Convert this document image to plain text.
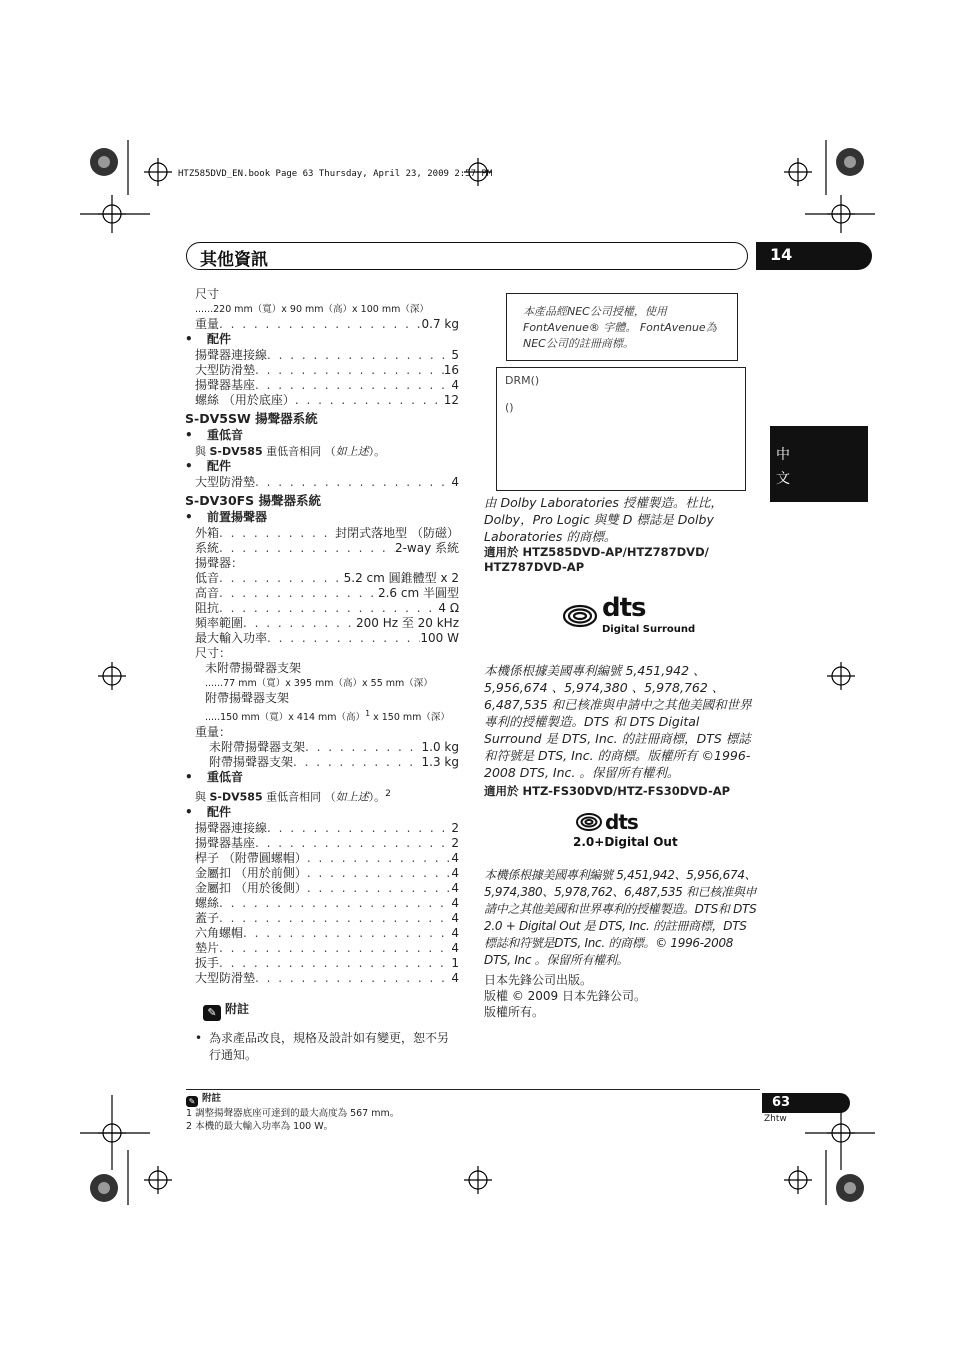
HTZ585DVD_EN.book Page 63 Thursday, April 23, 2009 2:57 PM
其他資訊	14
中
文
尺寸
......220 mm（寬）x 90 mm（高）x 100 mm（深）
重量 . . .	0.7 kg
• 配件
揚聲器連接線 . . .	5
大型防滑墊 . . .	16
揚聲器基座 . . .	4
螺絲 （用於底座） . . .	12
S-DV5SW 揚聲器系統
• 重低音
與 S-DV585 重低音相同 （如上述）。
• 配件
大型防滑墊 . . .	4
S-DV30FS 揚聲器系統
• 前置揚聲器
外箱 . . .	封閉式落地型 （防磁）
系統 . . .	2-way 系統
揚聲器：
低音 . . .	5.2 cm 圓錐體型 x 2
高音 . . .	2.6 cm 半圓型
阻抗 . . .	4 Ω
頻率範圍 . . .	200 Hz 至 20 kHz
最大輸入功率 . . .	100 W
尺寸：
未附帶揚聲器支架
......77 mm（寬）x 395 mm（高）x 55 mm（深）
附帶揚聲器支架
.....150 mm（寬）x 414 mm（高）$^1$ x 150 mm（深）
重量：
未附帶揚聲器支架 . . .	1.0 kg
附帶揚聲器支架 . . .	1.3 kg
• 重低音
與 S-DV585 重低音相同 （如上述）。$^2$
• 配件
揚聲器連接線 . . .	2
揚聲器基座 . . .	2
桿子 （附帶圓螺帽） . . .	4
金屬扣 （用於前側） . . .	4
金屬扣 （用於後側） . . .	4
螺絲 . . .	4
蓋子 . . .	4
六角螺帽 . . .	4
墊片 . . .	4
扳手 . . .	1
大型防滑墊 . . .	4
✎ 附註
• 為求產品改良，規格及設計如有變更，恕不另行通知。
本產品經NEC公司授權，使用 FontAvenue® 字體。 FontAvenue為 NEC公司的註冊商標。
DRM()
()
由 Dolby Laboratories 授權製造。杜比，Dolby，Pro Logic 與雙 D 標誌是 Dolby Laboratories 的商標。
適用於 HTZ585DVD-AP/HTZ787DVD/ HTZ787DVD-AP
dts
Digital Surround
本機係根據美國專利編號 5,451,942 、5,956,674 、5,974,380 、5,978,762 、6,487,535 和已核准與申請中之其他美國和世界專利的授權製造。DTS 和 DTS Digital Surround 是 DTS, Inc. 的註冊商標，DTS 標誌和符號是 DTS, Inc. 的商標。版權所有 ©1996-2008 DTS, Inc. 。保留所有權利。
適用於 HTZ-FS30DVD/HTZ-FS30DVD-AP
dts
2.0+Digital Out
本機係根據美國專利編號 5,451,942、5,956,674、5,974,380、5,978,762、6,487,535 和已核准與申請中之其他美國和世界專利的授權製造。DTS和 DTS 2.0 + Digital Out 是 DTS, Inc. 的註冊商標，DTS 標誌和符號是DTS, Inc. 的商標。© 1996-2008 DTS, Inc 。保留所有權利。
日本先鋒公司出版。
版權 © 2009 日本先鋒公司。
版權所有。
✎ 附註
1 調整揚聲器底座可達到的最大高度為 567 mm。
2 本機的最大輸入功率為 100 W。
63
Zhtw
